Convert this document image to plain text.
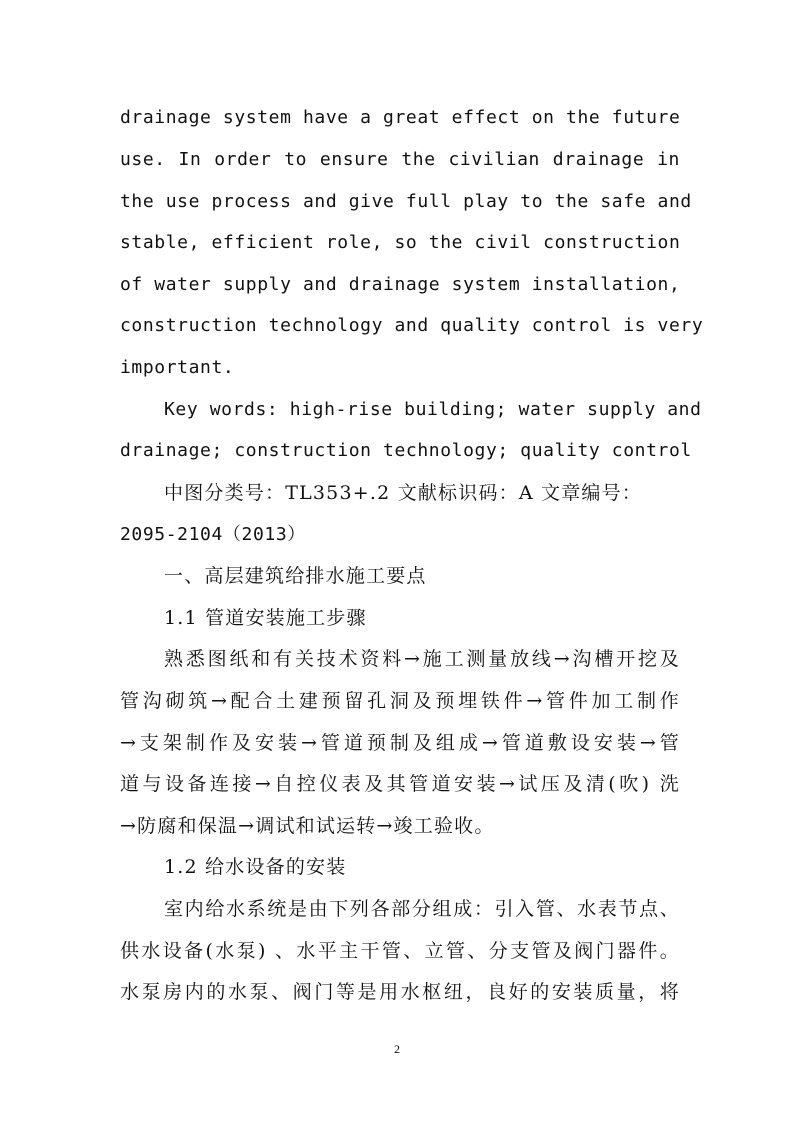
drainage system have a great effect on the future
use. In order to ensure the civilian drainage in
the use process and give full play to the safe and
stable, efficient role, so the civil construction
of water supply and drainage system installation,
construction technology and quality control is very
important.
Key words: high-rise building; water supply and
drainage; construction technology; quality control
中图分类号：TL353+.2 文献标识码：A 文章编号：
2095-2104（2013）
一、高层建筑给排水施工要点
1.1 管道安装施工步骤
熟悉图纸和有关技术资料→施工测量放线→沟槽开挖及
管沟砌筑→配合土建预留孔洞及预埋铁件→管件加工制作
→支架制作及安装→管道预制及组成→管道敷设安装→管
道与设备连接→自控仪表及其管道安装→试压及清(吹) 洗
→防腐和保温→调试和试运转→竣工验收。
1.2 给水设备的安装
室内给水系统是由下列各部分组成：引入管、水表节点、
供水设备(水泵) 、水平主干管、立管、分支管及阀门器件。
水泵房内的水泵、阀门等是用水枢纽，良好的安装质量，将
2
